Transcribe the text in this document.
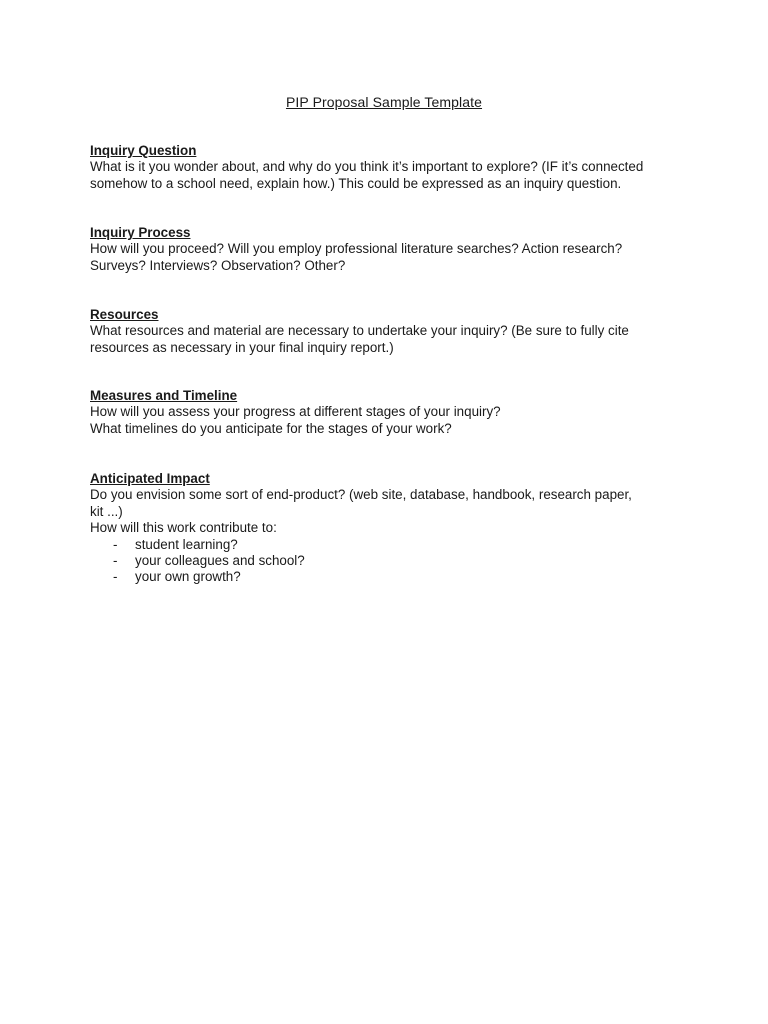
PIP Proposal Sample Template

Inquiry Question

What is it you wonder about, and why do you think it’s important to explore? (IF it’s connected

somehow to a school need, explain how.) This could be expressed as an inquiry question.

Inquiry Process

How will you proceed? Will you employ professional literature searches? Action research?

Surveys? Interviews? Observation? Other?

Resources

What resources and material are necessary to undertake your inquiry? (Be sure to fully cite

resources as necessary in your final inquiry report.)

Measures and Timeline

How will you assess your progress at different stages of your inquiry?

What timelines do you anticipate for the stages of your work?

Anticipated Impact

Do you envision some sort of end-product? (web site, database, handbook, research paper,

kit ...)

How will this work contribute to:

- student learning?
- your colleagues and school?
- your own growth?
